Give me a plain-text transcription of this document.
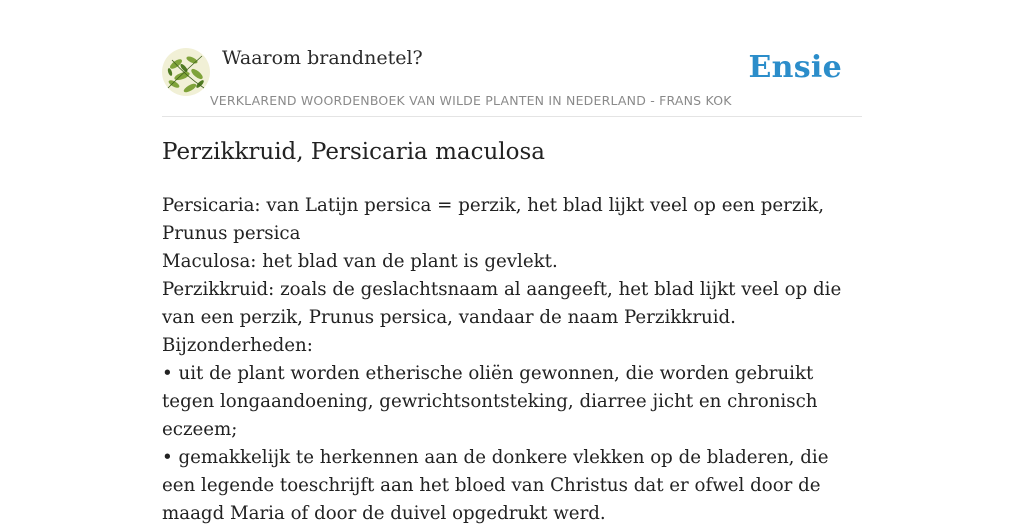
Waarom brandnetel?
VERKLAREND WOORDENBOEK VAN WILDE PLANTEN IN NEDERLAND - FRANS KOK
Ensie
Perzikkruid, Persicaria maculosa

Persicaria: van Latijn persica = perzik, het blad lijkt veel op een perzik, Prunus persica

Maculosa: het blad van de plant is gevlekt.

Perzikkruid: zoals de geslachtsnaam al aangeeft, het blad lijkt veel op die van een perzik, Prunus persica, vandaar de naam Perzikkruid.

Bijzonderheden:

• uit de plant worden etherische oliën gewonnen, die worden gebruikt tegen longaandoening, gewrichtsontsteking, diarree jicht en chronisch eczeem;

• gemakkelijk te herkennen aan de donkere vlekken op de bladeren, die een legende toeschrijft aan het bloed van Christus dat er ofwel door de maagd Maria of door de duivel opgedrukt werd.
